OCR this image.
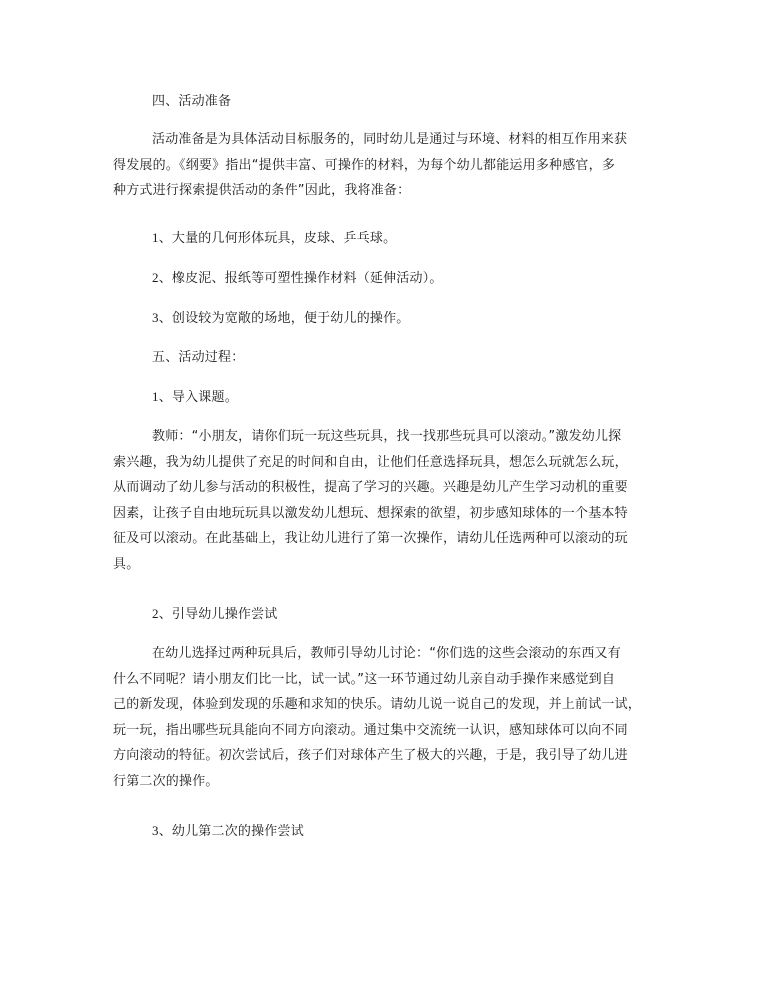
四、活动准备
活动准备是为具体活动目标服务的，同时幼儿是通过与环境、材料的相互作用来获
得发展的。《纲要》指出“提供丰富、可操作的材料，为每个幼儿都能运用多种感官，多
种方式进行探索提供活动的条件”因此，我将准备：
1、大量的几何形体玩具，皮球、乒乓球。
2、橡皮泥、报纸等可塑性操作材料（延伸活动）。
3、创设较为宽敞的场地，便于幼儿的操作。
五、活动过程：
1、导入课题。
教师：“小朋友，请你们玩一玩这些玩具，找一找那些玩具可以滚动。”激发幼儿探
索兴趣，我为幼儿提供了充足的时间和自由，让他们任意选择玩具，想怎么玩就怎么玩，
从而调动了幼儿参与活动的积极性，提高了学习的兴趣。兴趣是幼儿产生学习动机的重要
因素，让孩子自由地玩玩具以激发幼儿想玩、想探索的欲望，初步感知球体的一个基本特
征及可以滚动。在此基础上，我让幼儿进行了第一次操作，请幼儿任选两种可以滚动的玩
具。
2、引导幼儿操作尝试
在幼儿选择过两种玩具后，教师引导幼儿讨论：“你们选的这些会滚动的东西又有
什么不同呢？请小朋友们比一比，试一试。”这一环节通过幼儿亲自动手操作来感觉到自
己的新发现，体验到发现的乐趣和求知的快乐。请幼儿说一说自己的发现，并上前试一试，
玩一玩，指出哪些玩具能向不同方向滚动。通过集中交流统一认识，感知球体可以向不同
方向滚动的特征。初次尝试后，孩子们对球体产生了极大的兴趣，于是，我引导了幼儿进
行第二次的操作。
3、幼儿第二次的操作尝试
